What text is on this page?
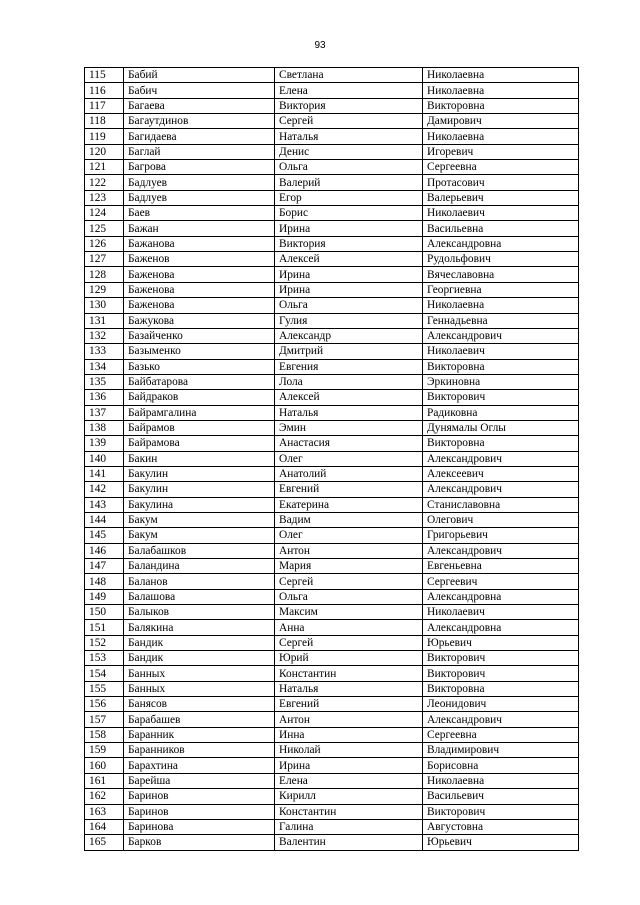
93
115	Бабий	Светлана	Николаевна
116	Бабич	Елена	Николаевна
117	Багаева	Виктория	Викторовна
118	Багаутдинов	Сергей	Дамирович
119	Багидаева	Наталья	Николаевна
120	Баглай	Денис	Игоревич
121	Багрова	Ольга	Сергеевна
122	Бадлуев	Валерий	Протасович
123	Бадлуев	Егор	Валерьевич
124	Баев	Борис	Николаевич
125	Бажан	Ирина	Васильевна
126	Бажанова	Виктория	Александровна
127	Баженов	Алексей	Рудольфович
128	Баженова	Ирина	Вячеславовна
129	Баженова	Ирина	Георгиевна
130	Баженова	Ольга	Николаевна
131	Бажукова	Гулия	Геннадьевна
132	Базайченко	Александр	Александрович
133	Базыменко	Дмитрий	Николаевич
134	Базько	Евгения	Викторовна
135	Байбатарова	Лола	Эркиновна
136	Байдраков	Алексей	Викторович
137	Байрамгалина	Наталья	Радиковна
138	Байрамов	Эмин	Дунямалы Оглы
139	Байрамова	Анастасия	Викторовна
140	Бакин	Олег	Александрович
141	Бакулин	Анатолий	Алексеевич
142	Бакулин	Евгений	Александрович
143	Бакулина	Екатерина	Станиславовна
144	Бакум	Вадим	Олегович
145	Бакум	Олег	Григорьевич
146	Балабашков	Антон	Александрович
147	Баландина	Мария	Евгеньевна
148	Баланов	Сергей	Сергеевич
149	Балашова	Ольга	Александровна
150	Балыков	Максим	Николаевич
151	Балякина	Анна	Александровна
152	Бандик	Сергей	Юрьевич
153	Бандик	Юрий	Викторович
154	Банных	Константин	Викторович
155	Банных	Наталья	Викторовна
156	Банясов	Евгений	Леонидович
157	Барабашев	Антон	Александрович
158	Баранник	Инна	Сергеевна
159	Баранников	Николай	Владимирович
160	Барахтина	Ирина	Борисовна
161	Барейша	Елена	Николаевна
162	Баринов	Кирилл	Васильевич
163	Баринов	Константин	Викторович
164	Баринова	Галина	Августовна
165	Барков	Валентин	Юрьевич
